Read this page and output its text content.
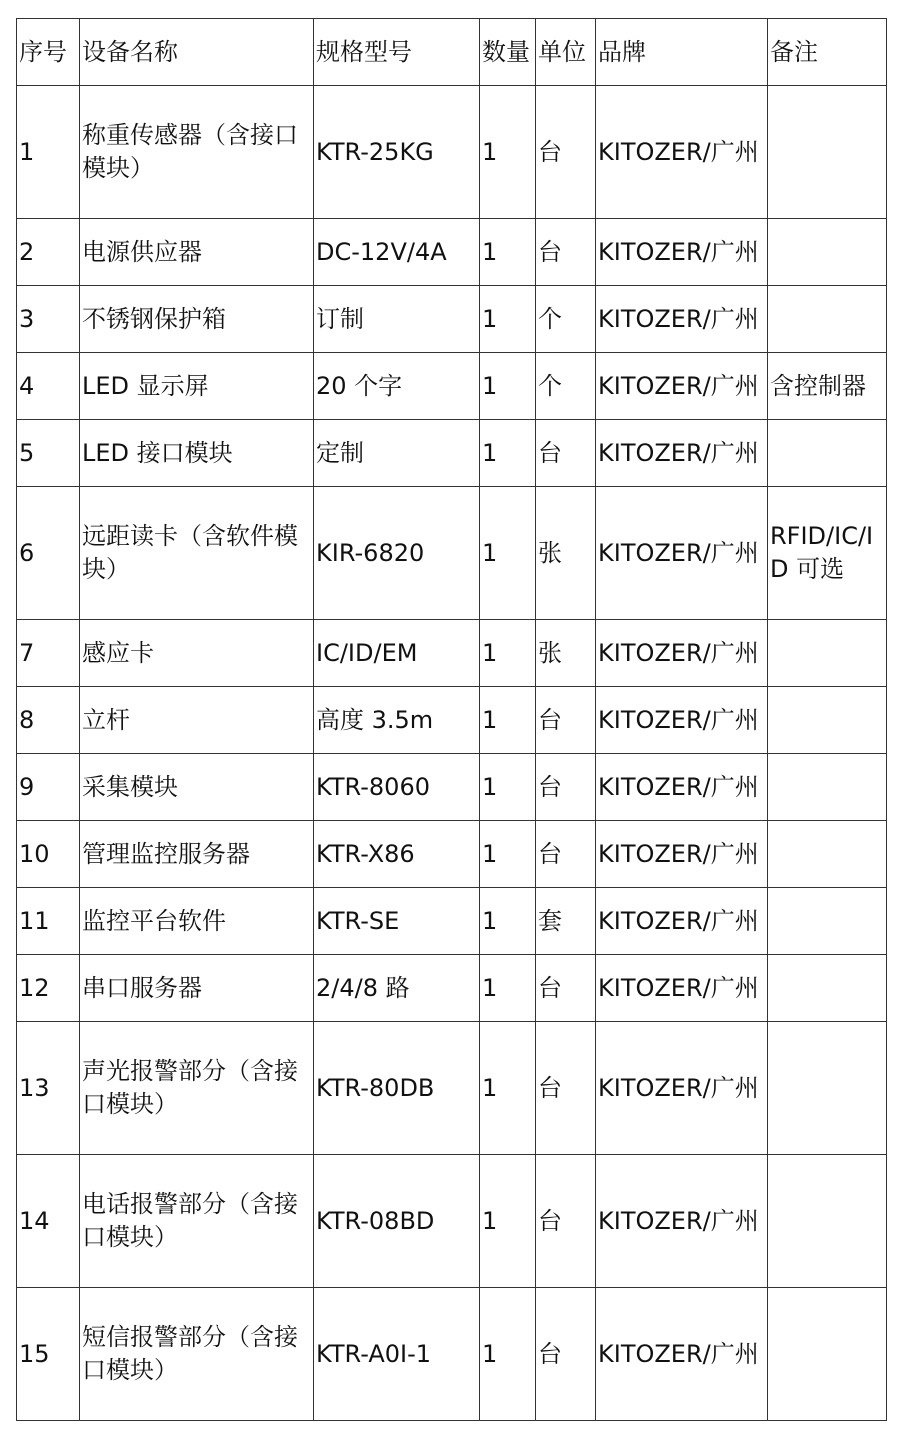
序号	设备名称	规格型号	数量	单位	品牌	备注
1	称重传感器（含接口模块）	KTR-25KG	1	台	KITOZER/广州	
2	电源供应器	DC-12V/4A	1	台	KITOZER/广州	
3	不锈钢保护箱	订制	1	个	KITOZER/广州	
4	LED 显示屏	20 个字	1	个	KITOZER/广州	含控制器
5	LED 接口模块	定制	1	台	KITOZER/广州	
6	远距读卡（含软件模块）	KIR-6820	1	张	KITOZER/广州	RFID/IC/ID 可选
7	感应卡	IC/ID/EM	1	张	KITOZER/广州	
8	立杆	高度 3.5m	1	台	KITOZER/广州	
9	采集模块	KTR-8060	1	台	KITOZER/广州	
10	管理监控服务器	KTR-X86	1	台	KITOZER/广州	
11	监控平台软件	KTR-SE	1	套	KITOZER/广州	
12	串口服务器	2/4/8 路	1	台	KITOZER/广州	
13	声光报警部分（含接口模块）	KTR-80DB	1	台	KITOZER/广州	
14	电话报警部分（含接口模块）	KTR-08BD	1	台	KITOZER/广州	
15	短信报警部分（含接口模块）	KTR-A0I-1	1	台	KITOZER/广州	
